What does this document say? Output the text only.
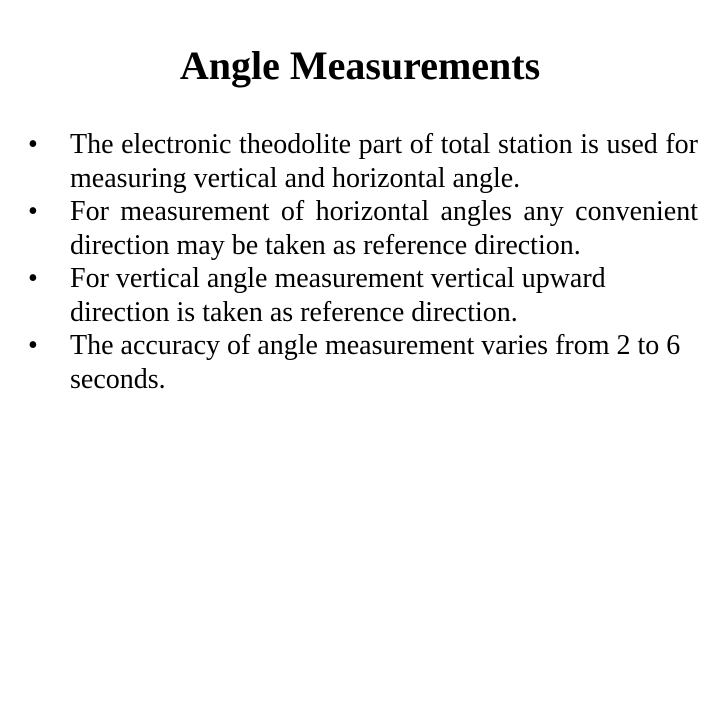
Angle Measurements
• The electronic theodolite part of total station is used for measuring vertical and horizontal angle.
• For measurement of horizontal angles any convenient direction may be taken as reference direction.
• For vertical angle measurement vertical upward direction is taken as reference direction.
• The accuracy of angle measurement varies from 2 to 6 seconds.
